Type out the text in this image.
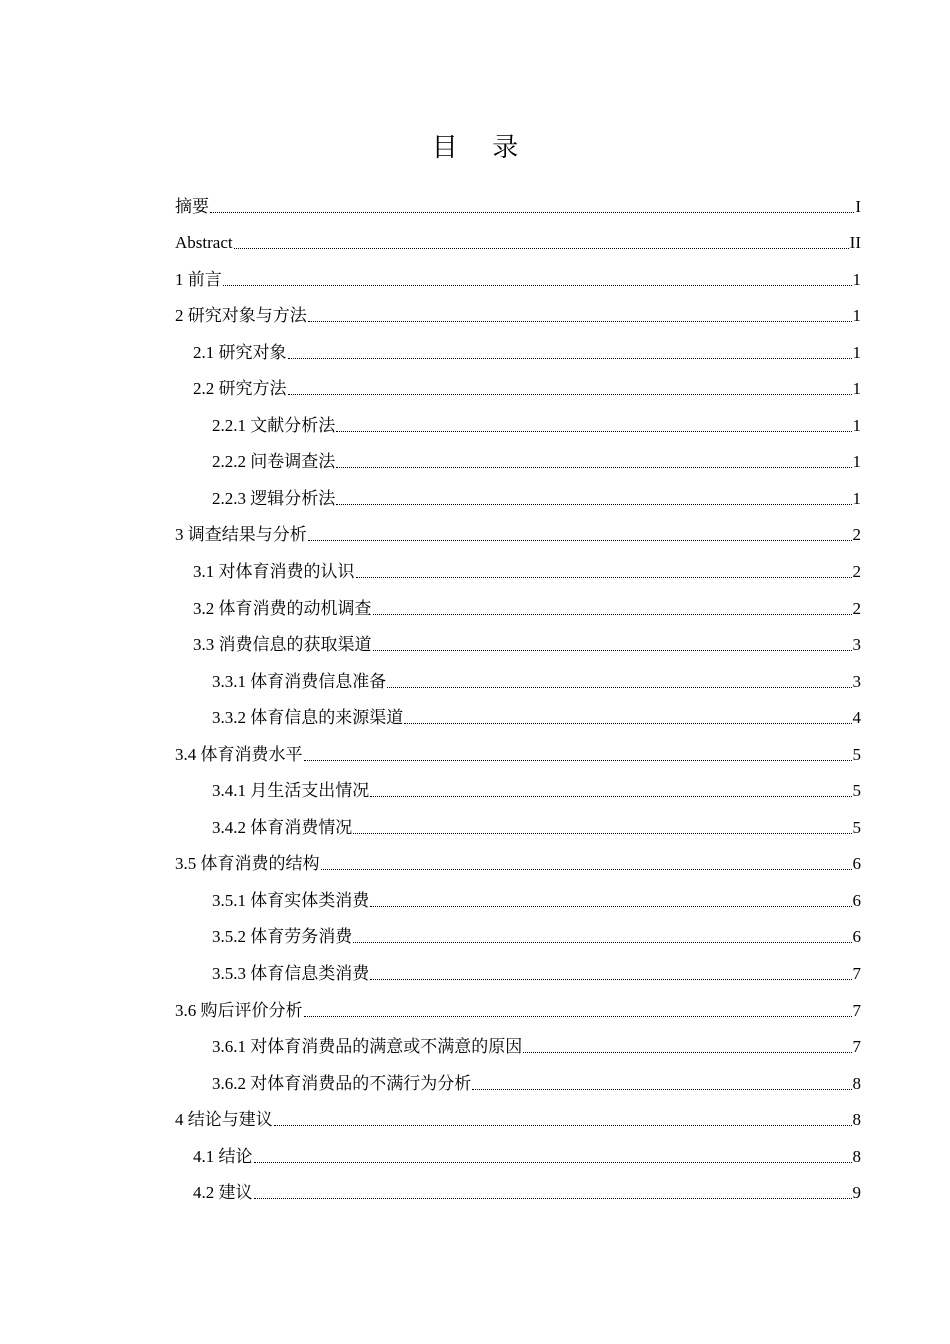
目 录
摘要	I
Abstract	II
1 前言	1
2 研究对象与方法	1
2.1 研究对象	1
2.2 研究方法	1
2.2.1 文献分析法	1
2.2.2 问卷调查法	1
2.2.3 逻辑分析法	1
3 调查结果与分析	2
3.1 对体育消费的认识	2
3.2 体育消费的动机调查	2
3.3 消费信息的获取渠道	3
3.3.1 体育消费信息准备	3
3.3.2 体育信息的来源渠道	4
3.4 体育消费水平	5
3.4.1 月生活支出情况	5
3.4.2 体育消费情况	5
3.5 体育消费的结构	6
3.5.1 体育实体类消费	6
3.5.2 体育劳务消费	6
3.5.3 体育信息类消费	7
3.6 购后评价分析	7
3.6.1 对体育消费品的满意或不满意的原因	7
3.6.2 对体育消费品的不满行为分析	8
4 结论与建议	8
4.1 结论	8
4.2 建议	9
